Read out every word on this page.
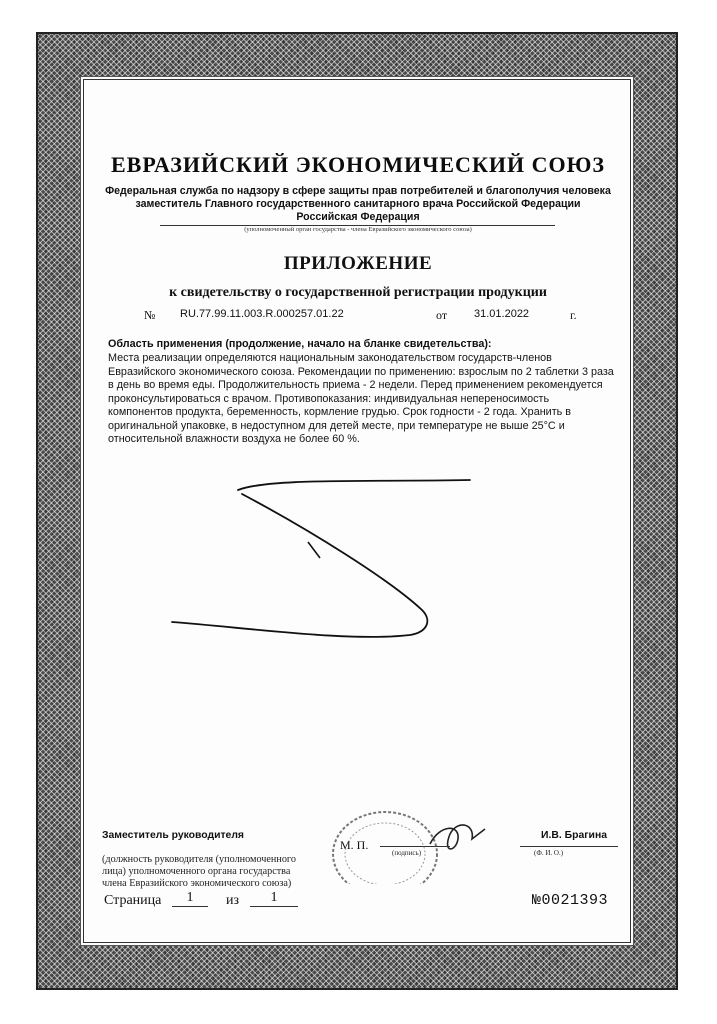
ЕВРАЗИЙСКИЙ ЭКОНОМИЧЕСКИЙ СОЮЗ
Федеральная служба по надзору в сфере защиты прав потребителей и благополучия человека
заместитель Главного государственного санитарного врача Российской Федерации
Российская Федерация
(уполномоченный орган государства - члена Евразийского экономического союза)
ПРИЛОЖЕНИЕ
к свидетельству о государственной регистрации продукции
№ RU.77.99.11.003.R.000257.01.22	от 31.01.2022	г.
Область применения (продолжение, начало на бланке свидетельства):
Места реализации определяются национальным законодательством государств-членов Евразийского экономического союза. Рекомендации по применению: взрослым по 2 таблетки 3 раза в день во время еды. Продолжительность приема - 2 недели. Перед применением рекомендуется проконсультироваться с врачом. Противопоказания: индивидуальная непереносимость компонентов продукта, беременность, кормление грудью. Срок годности - 2 года. Хранить в оригинальной упаковке, в недоступном для детей месте, при температуре не выше 25°С и относительной влажности воздуха не более 60 %.
Заместитель руководителя
М. П.
И.В. Брагина
(подпись)	(Ф. И. О.)
(должность руководителя (уполномоченного
лица) уполномоченного органа государства
члена Евразийского экономического союза)
Страница	1	из	1	№0021393
